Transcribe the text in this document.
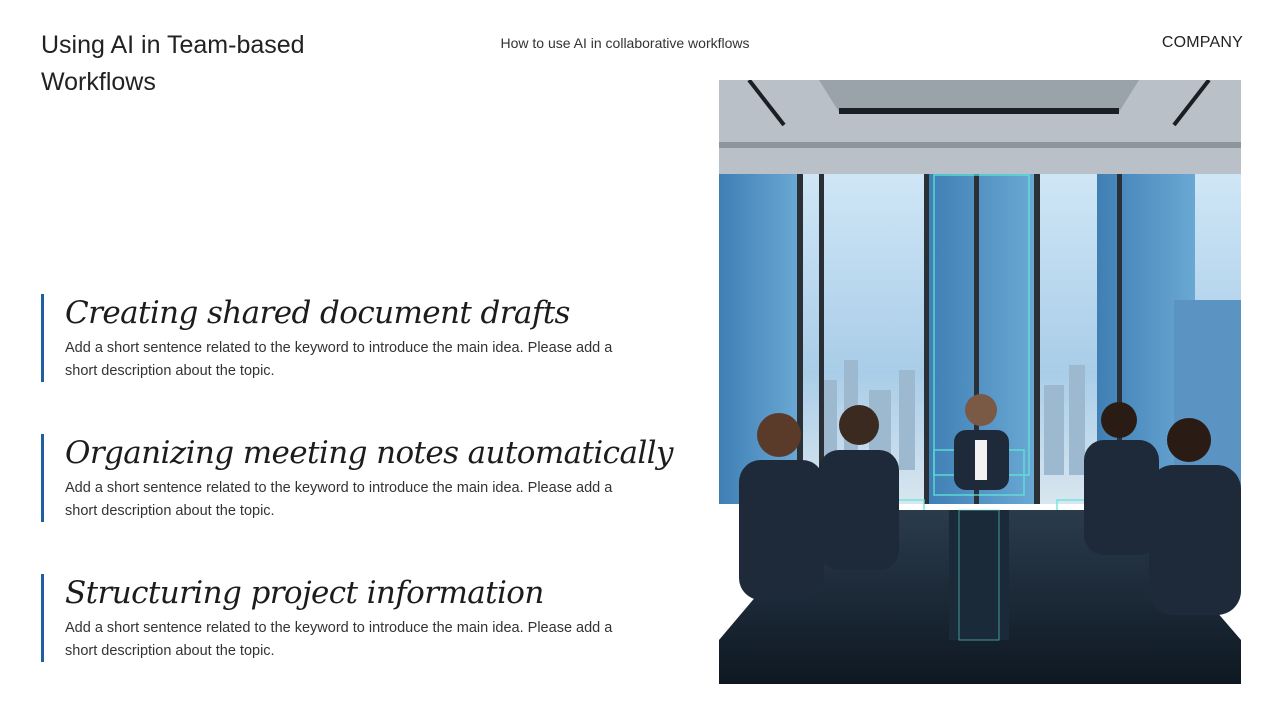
Using AI in Team-based Workflows
How to use AI in collaborative workflows	COMPANY
Creating shared document drafts

Add a short sentence related to the keyword to introduce the main idea. Please add a short description about the topic.

Organizing meeting notes automatically

Add a short sentence related to the keyword to introduce the main idea. Please add a short description about the topic.

Structuring project information

Add a short sentence related to the keyword to introduce the main idea. Please add a short description about the topic.
